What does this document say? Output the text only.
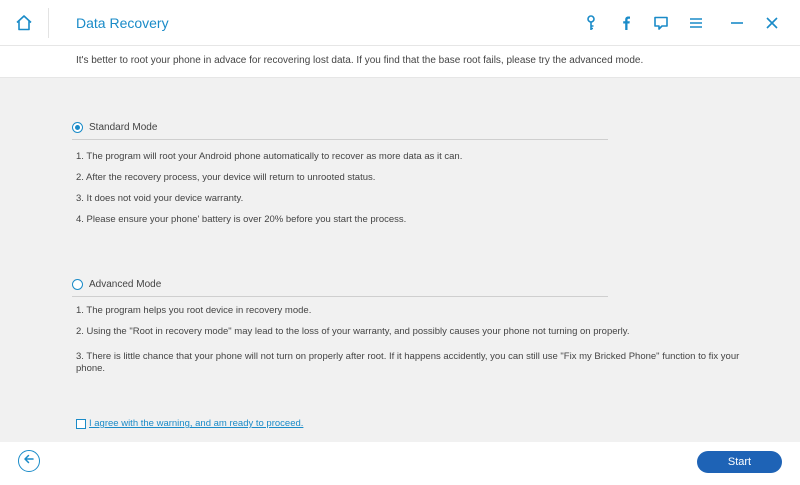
Data Recovery
It's better to root your phone in advace for recovering lost data. If you find that the base root fails, please try the advanced mode.
Standard Mode
1. The program will root your Android phone automatically to recover as more data as it can.
2. After the recovery process, your device will return to unrooted status.
3. It does not void your device warranty.
4. Please ensure your phone' battery is over 20% before you start the process.
Advanced Mode
1. The program helps you root device in recovery mode.
2. Using the "Root in recovery mode" may lead to the loss of your warranty, and possibly causes your phone not turning on properly.
3. There is little chance that your phone will not turn on properly after root. If it happens accidently, you can still use "Fix my Bricked Phone" function to fix your phone.
I agree with the warning, and am ready to proceed.
Start
